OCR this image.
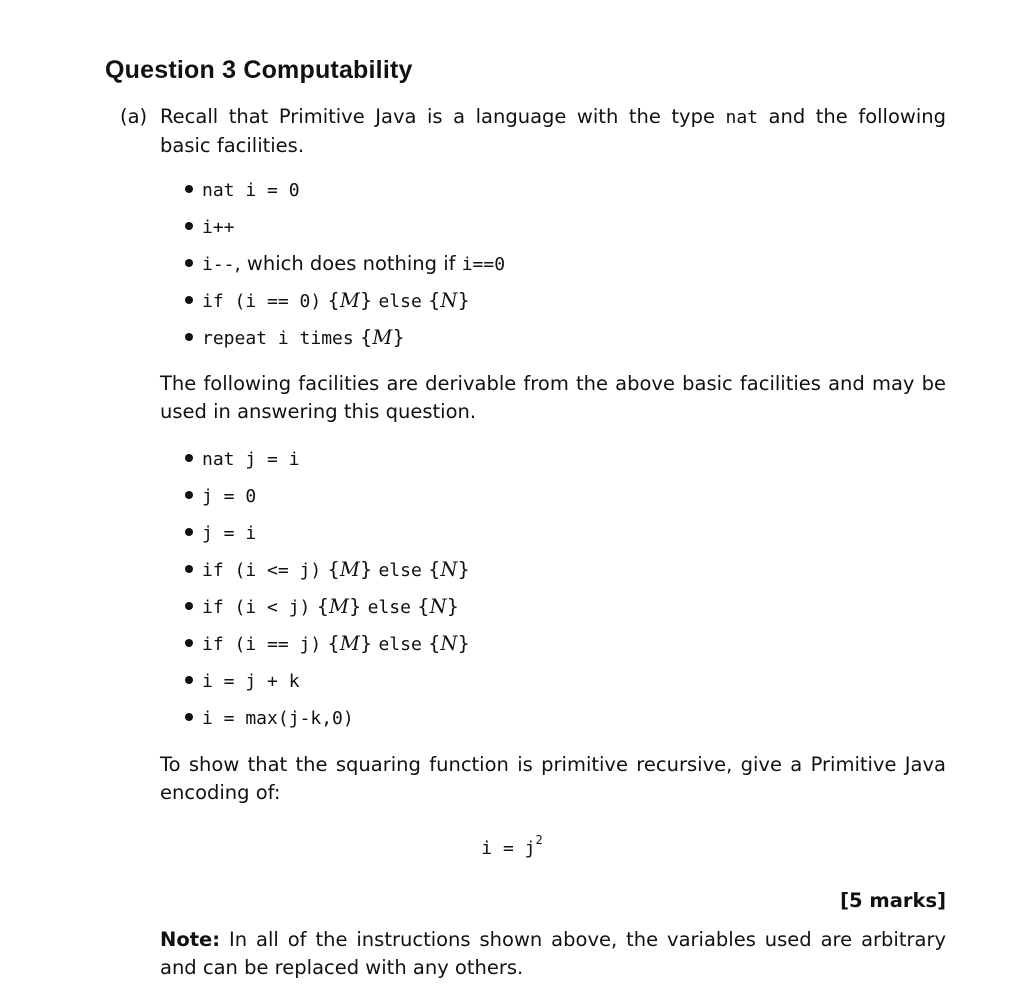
Question 3 Computability
(a) Recall that Primitive Java is a language with the type nat and the following basic facilities.
nat i = 0
i++
i--, which does nothing if i==0
if (i == 0) {M} else {N}
repeat i times {M}
The following facilities are derivable from the above basic facilities and may be used in answering this question.
nat j = i
j = 0
j = i
if (i <= j) {M} else {N}
if (i < j) {M} else {N}
if (i == j) {M} else {N}
i = j + k
i = max(j-k,0)
To show that the squaring function is primitive recursive, give a Primitive Java encoding of:
$i = j^2$
[5 marks]
Note: In all of the instructions shown above, the variables used are arbitrary and can be replaced with any others.
